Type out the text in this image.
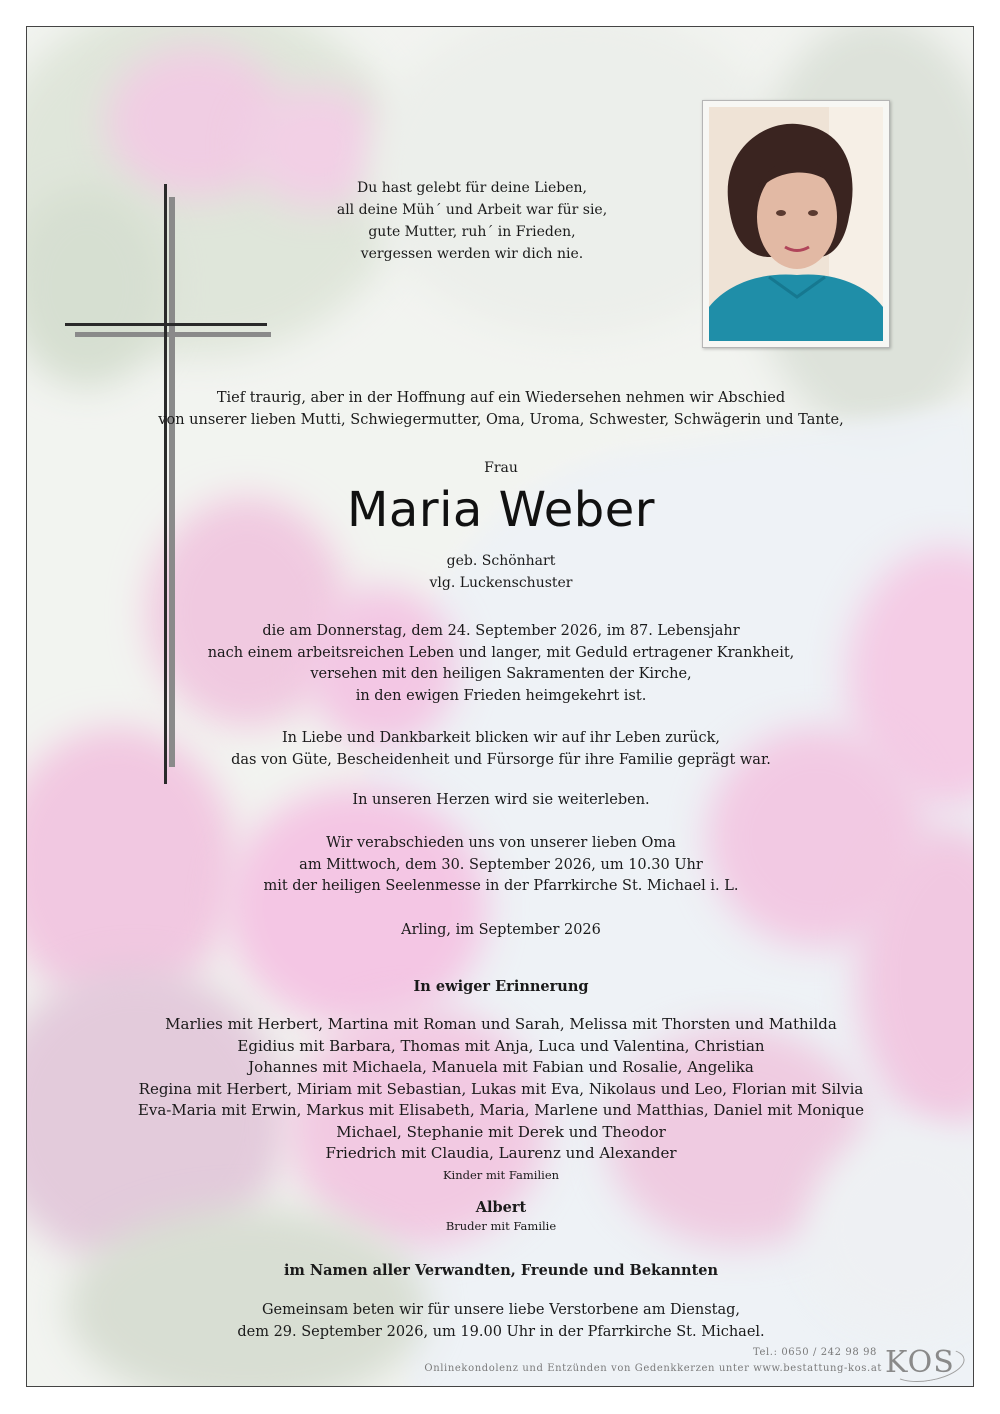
Du hast gelebt für deine Lieben,
all deine Müh´ und Arbeit war für sie,
gute Mutter, ruh´ in Frieden,
vergessen werden wir dich nie.
Tief traurig, aber in der Hoffnung auf ein Wiedersehen nehmen wir Abschied
von unserer lieben Mutti, Schwiegermutter, Oma, Uroma, Schwester, Schwägerin und Tante,
Frau
Maria Weber
geb. Schönhart
vlg. Luckenschuster
die am Donnerstag, dem 24. September 2026, im 87. Lebensjahr
nach einem arbeitsreichen Leben und langer, mit Geduld ertragener Krankheit,
versehen mit den heiligen Sakramenten der Kirche,
in den ewigen Frieden heimgekehrt ist.
In Liebe und Dankbarkeit blicken wir auf ihr Leben zurück,
das von Güte, Bescheidenheit und Fürsorge für ihre Familie geprägt war.
In unseren Herzen wird sie weiterleben.
Wir verabschieden uns von unserer lieben Oma
am Mittwoch, dem 30. September 2026, um 10.30 Uhr
mit der heiligen Seelenmesse in der Pfarrkirche St. Michael i. L.
Arling, im September 2026
In ewiger Erinnerung
Marlies mit Herbert, Martina mit Roman und Sarah, Melissa mit Thorsten und Mathilda
Egidius mit Barbara, Thomas mit Anja, Luca und Valentina, Christian
Johannes mit Michaela, Manuela mit Fabian und Rosalie, Angelika
Regina mit Herbert, Miriam mit Sebastian, Lukas mit Eva, Nikolaus und Leo, Florian mit Silvia
Eva-Maria mit Erwin, Markus mit Elisabeth, Maria, Marlene und Matthias, Daniel mit Monique
Michael, Stephanie mit Derek und Theodor
Friedrich mit Claudia, Laurenz und Alexander
Kinder mit Familien
Albert
Bruder mit Familie
im Namen aller Verwandten, Freunde und Bekannten
Gemeinsam beten wir für unsere liebe Verstorbene am Dienstag,
dem 29. September 2026, um 19.00 Uhr in der Pfarrkirche St. Michael.
Tel.: 0650 / 242 98 98
Onlinekondolenz und Entzünden von Gedenkkerzen unter www.bestattung-kos.at KOS
